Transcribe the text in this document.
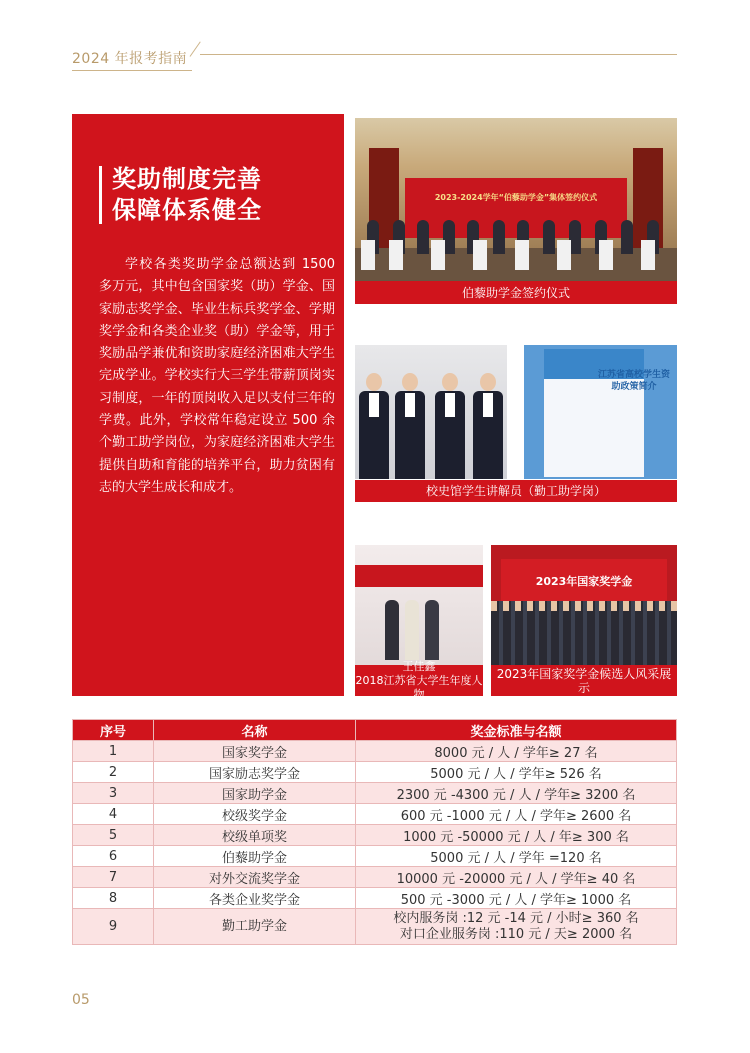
2024 年报考指南
奖助制度完善
保障体系健全

学校各类奖助学金总额达到 1500 多万元，其中包含国家奖（助）学金、国家励志奖学金、毕业生标兵奖学金、学期奖学金和各类企业奖（助）学金等，用于奖励品学兼优和资助家庭经济困难大学生完成学业。学校实行大三学生带薪顶岗实习制度，一年的顶岗收入足以支付三年的学费。此外，学校常年稳定设立 500 余个勤工助学岗位，为家庭经济困难大学生提供自助和育能的培养平台，助力贫困有志的大学生成长和成才。

2023-2024学年“伯藜助学金”集体签约仪式
伯藜助学金签约仪式
江苏省高校学生资助政策简介
校史馆学生讲解员（勤工助学岗）
王佳鑫
2018江苏省大学生年度人物
2023年国家奖学金
2023年国家奖学金候选人风采展示
序号	名称	奖金标准与名额
1	国家奖学金	8000 元 / 人 / 学年≥ 27 名
2	国家励志奖学金	5000 元 / 人 / 学年≥ 526 名
3	国家助学金	2300 元 -4300 元 / 人 / 学年≥ 3200 名
4	校级奖学金	600 元 -1000 元 / 人 / 学年≥ 2600 名
5	校级单项奖	1000 元 -50000 元 / 人 / 年≥ 300 名
6	伯藜助学金	5000 元 / 人 / 学年 =120 名
7	对外交流奖学金	10000 元 -20000 元 / 人 / 学年≥ 40 名
8	各类企业奖学金	500 元 -3000 元 / 人 / 学年≥ 1000 名
9	勤工助学金	校内服务岗 :12 元 -14 元 / 小时≥ 360 名
对口企业服务岗 :110 元 / 天≥ 2000 名
05
